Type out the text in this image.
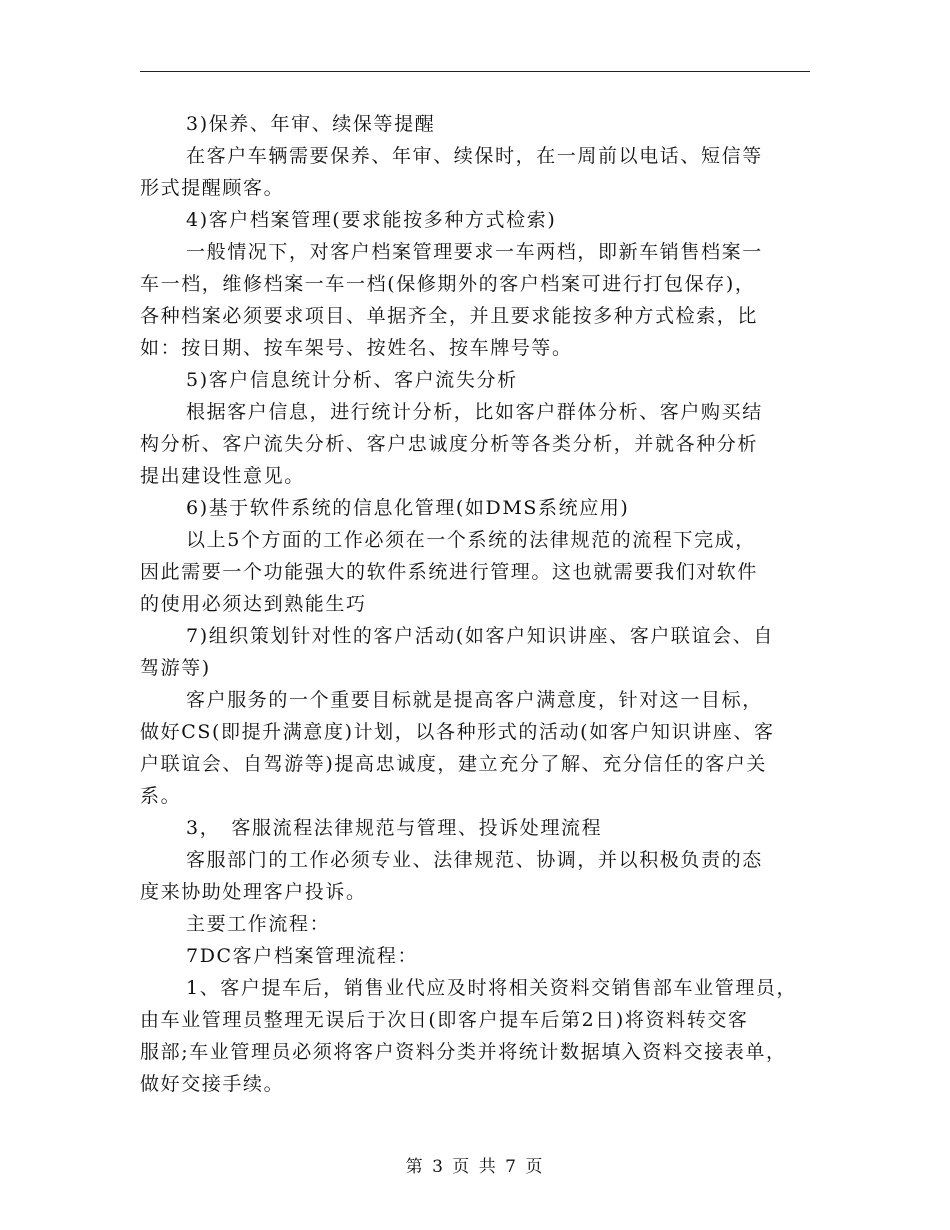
3)保养、年审、续保等提醒
在客户车辆需要保养、年审、续保时，在一周前以电话、短信等
形式提醒顾客。
4)客户档案管理(要求能按多种方式检索)
一般情况下，对客户档案管理要求一车两档，即新车销售档案一
车一档，维修档案一车一档(保修期外的客户档案可进行打包保存)，
各种档案必须要求项目、单据齐全，并且要求能按多种方式检索，比
如：按日期、按车架号、按姓名、按车牌号等。
5)客户信息统计分析、客户流失分析
根据客户信息，进行统计分析，比如客户群体分析、客户购买结
构分析、客户流失分析、客户忠诚度分析等各类分析，并就各种分析
提出建设性意见。
6)基于软件系统的信息化管理(如DMS系统应用)
以上5个方面的工作必须在一个系统的法律规范的流程下完成，
因此需要一个功能强大的软件系统进行管理。这也就需要我们对软件
的使用必须达到熟能生巧
7)组织策划针对性的客户活动(如客户知识讲座、客户联谊会、自
驾游等)
客户服务的一个重要目标就是提高客户满意度，针对这一目标，
做好CS(即提升满意度)计划，以各种形式的活动(如客户知识讲座、客
户联谊会、自驾游等)提高忠诚度，建立充分了解、充分信任的客户关
系。
3，　客服流程法律规范与管理、投诉处理流程
客服部门的工作必须专业、法律规范、协调，并以积极负责的态
度来协助处理客户投诉。
主要工作流程：
7DC客户档案管理流程：
1、客户提车后，销售业代应及时将相关资料交销售部车业管理员，
由车业管理员整理无误后于次日(即客户提车后第2日)将资料转交客
服部;车业管理员必须将客户资料分类并将统计数据填入资料交接表单，
做好交接手续。
第 3 页 共 7 页
